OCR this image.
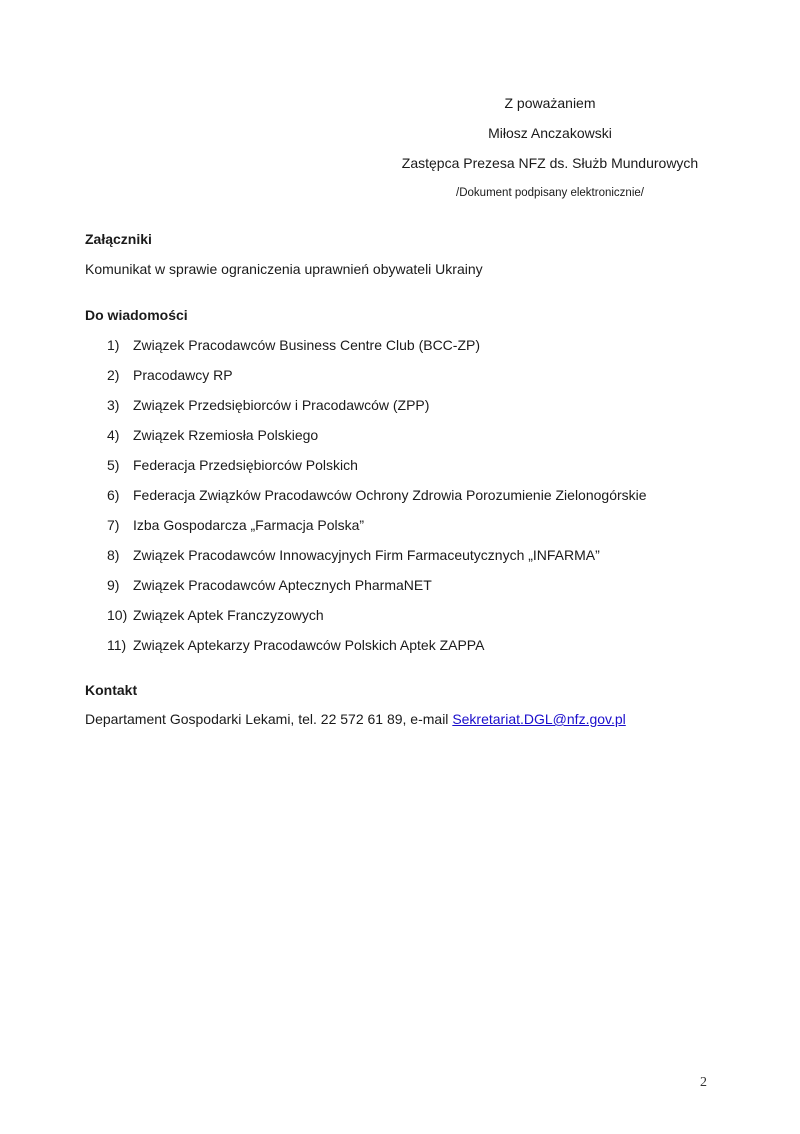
Z poważaniem
Miłosz Anczakowski
Zastępca Prezesa NFZ ds. Służb Mundurowych
/Dokument podpisany elektronicznie/
Załączniki
Komunikat w sprawie ograniczenia uprawnień obywateli Ukrainy
Do wiadomości
1) Związek Pracodawców Business Centre Club (BCC-ZP)
2) Pracodawcy RP
3) Związek Przedsiębiorców i Pracodawców (ZPP)
4) Związek Rzemiosła Polskiego
5) Federacja Przedsiębiorców Polskich
6) Federacja Związków Pracodawców Ochrony Zdrowia Porozumienie Zielonogórskie
7) Izba Gospodarcza „Farmacja Polska”
8) Związek Pracodawców Innowacyjnych Firm Farmaceutycznych „INFARMA”
9) Związek Pracodawców Aptecznych PharmaNET
10) Związek Aptek Franczyzowych
11) Związek Aptekarzy Pracodawców Polskich Aptek ZAPPA
Kontakt
Departament Gospodarki Lekami, tel. 22 572 61 89, e-mail Sekretariat.DGL@nfz.gov.pl
2
